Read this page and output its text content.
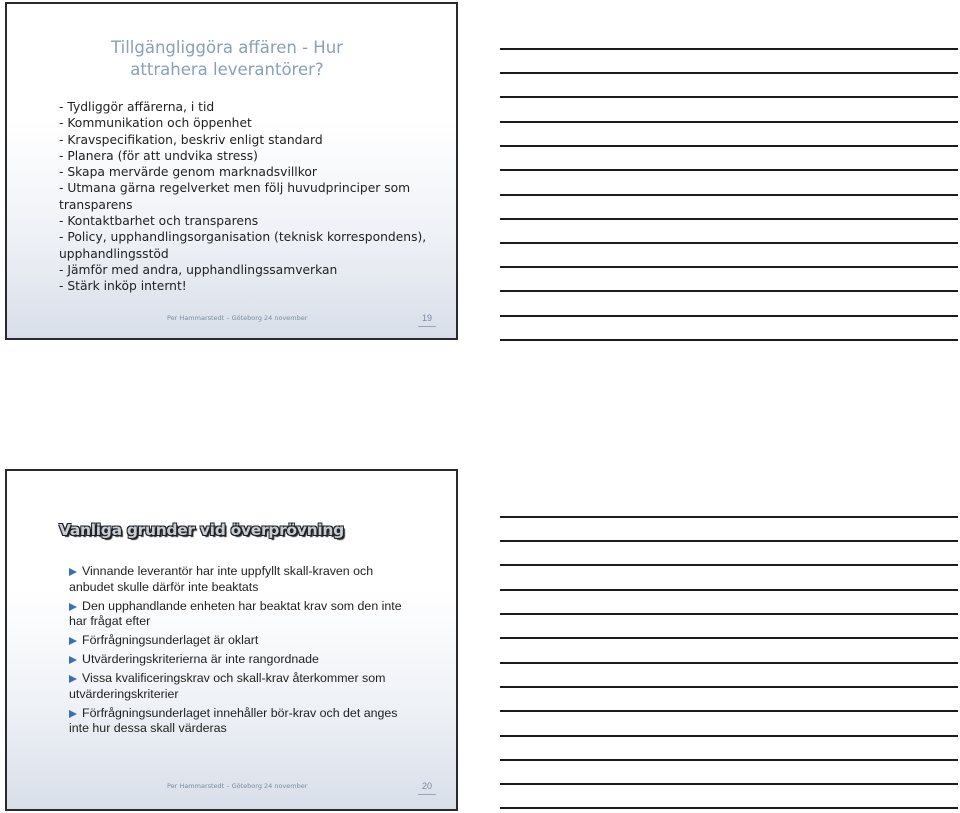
Tillgängliggöra affären - Hur attrahera leverantörer?
- Tydliggör affärerna, i tid
- Kommunikation och öppenhet
- Kravspecifikation, beskriv enligt standard
- Planera (för att undvika stress)
- Skapa mervärde genom marknadsvillkor
- Utmana gärna regelverket men följ huvudprinciper som
transparens
- Kontaktbarhet och transparens
- Policy, upphandlingsorganisation (teknisk korrespondens),
upphandlingsstöd
- Jämför med andra, upphandlingssamverkan
- Stärk inköp internt!
Per Hammarstedt – Göteborg 24 november	19
Vanliga grunder vid överprövning
Vinnande leverantör har inte uppfyllt skall-kraven och anbudet skulle därför inte beaktats
Den upphandlande enheten har beaktat krav som den inte har frågat efter
Förfrågningsunderlaget är oklart
Utvärderingskriterierna är inte rangordnade
Vissa kvalificeringskrav och skall-krav återkommer som utvärderingskriterier
Förfrågningsunderlaget innehåller bör-krav och det anges inte hur dessa skall värderas
Per Hammarstedt – Göteborg 24 november	20
